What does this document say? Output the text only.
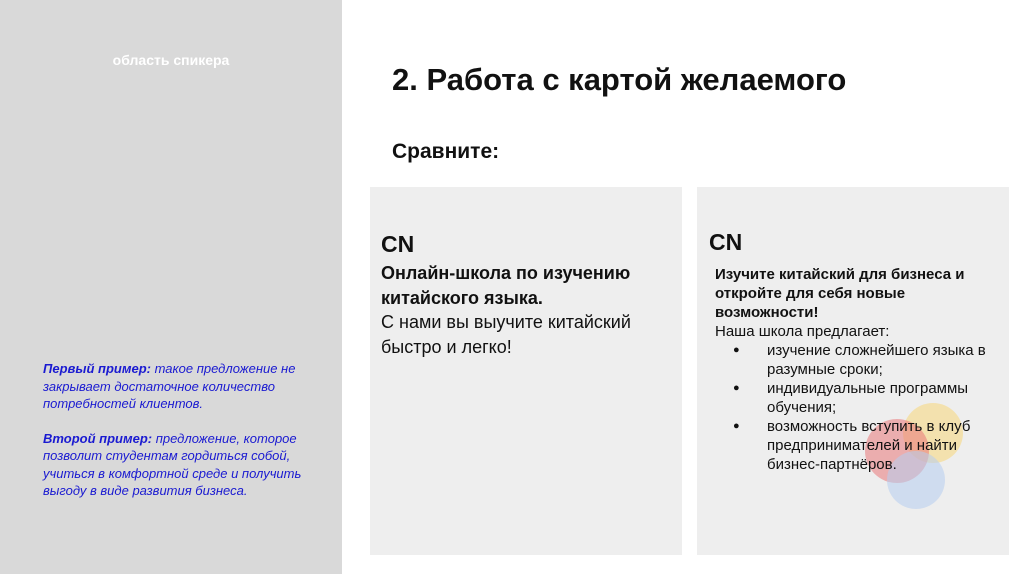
область спикера

Первый пример: такое предложение не закрывает достаточное количество потребностей клиентов.

Второй пример: предложение, которое позволит студентам гордиться собой, учиться в комфортной среде и получить выгоду в виде развития бизнеса.

2. Работа с картой желаемого
Сравните:
CN
Онлайн-школа по изучению китайского языка.
С нами вы выучите китайский быстро и легко!
CN
Изучите китайский для бизнеса и откройте для себя новые возможности!
Наша школа предлагает:
● изучение сложнейшего языка в разумные сроки;
● индивидуальные программы обучения;
● возможность вступить в клуб предпринимателей и найти бизнес-партнёров.
